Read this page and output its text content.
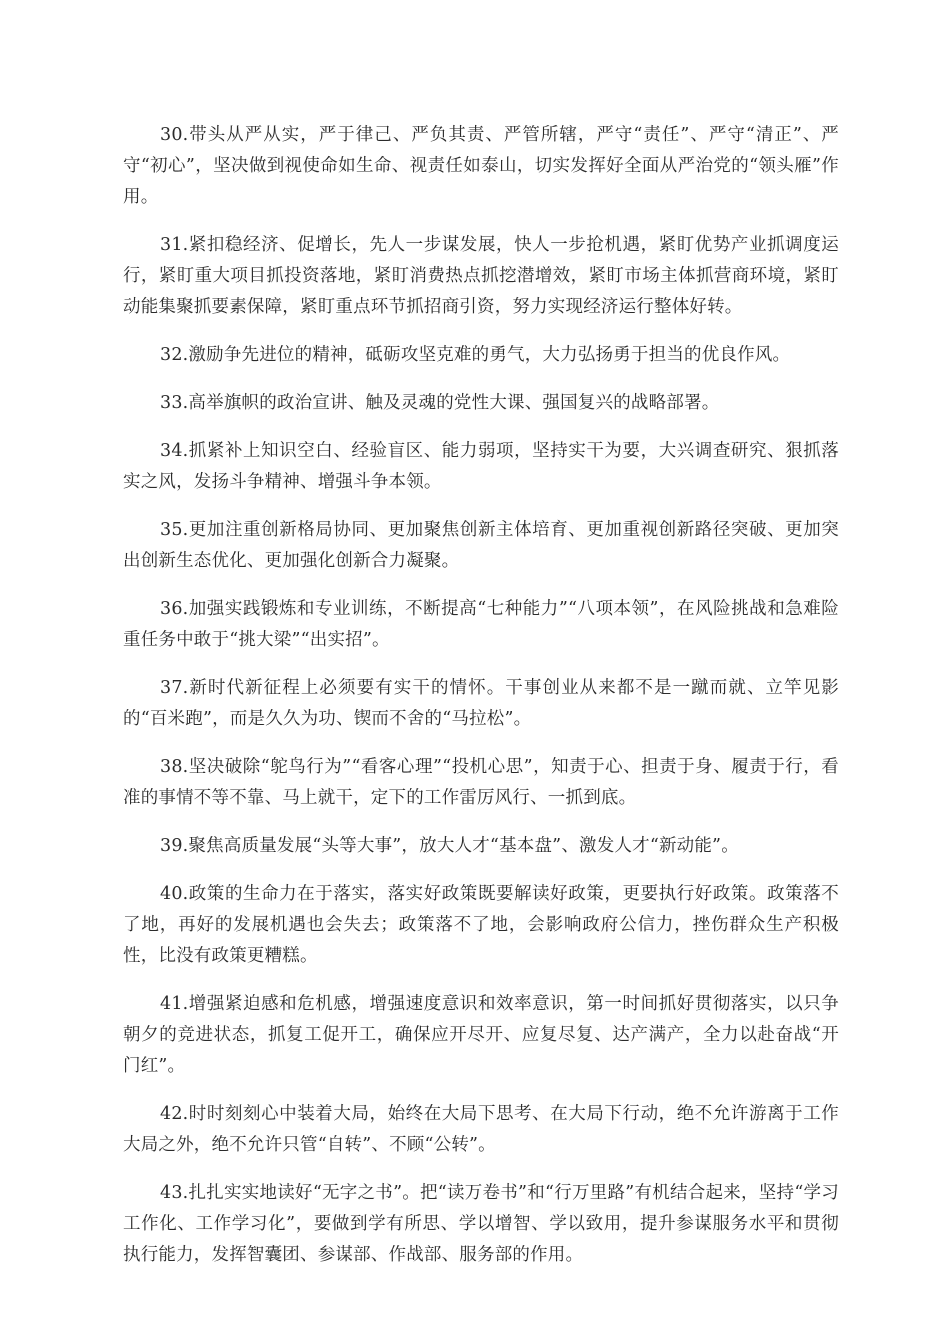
30.带头从严从实，严于律己、严负其责、严管所辖，严守“责任”、严守“清正”、严守“初心”，坚决做到视使命如生命、视责任如泰山，切实发挥好全面从严治党的“领头雁”作用。

31.紧扣稳经济、促增长，先人一步谋发展，快人一步抢机遇，紧盯优势产业抓调度运行，紧盯重大项目抓投资落地，紧盯消费热点抓挖潜增效，紧盯市场主体抓营商环境，紧盯动能集聚抓要素保障，紧盯重点环节抓招商引资，努力实现经济运行整体好转。

32.激励争先进位的精神，砥砺攻坚克难的勇气，大力弘扬勇于担当的优良作风。

33.高举旗帜的政治宣讲、触及灵魂的党性大课、强国复兴的战略部署。

34.抓紧补上知识空白、经验盲区、能力弱项，坚持实干为要，大兴调查研究、狠抓落实之风，发扬斗争精神、增强斗争本领。

35.更加注重创新格局协同、更加聚焦创新主体培育、更加重视创新路径突破、更加突出创新生态优化、更加强化创新合力凝聚。

36.加强实践锻炼和专业训练，不断提高“七种能力”“八项本领”，在风险挑战和急难险重任务中敢于“挑大梁”“出实招”。

37.新时代新征程上必须要有实干的情怀。干事创业从来都不是一蹴而就、立竿见影的“百米跑”，而是久久为功、锲而不舍的“马拉松”。

38.坚决破除“鸵鸟行为”“看客心理”“投机心思”，知责于心、担责于身、履责于行，看准的事情不等不靠、马上就干，定下的工作雷厉风行、一抓到底。

39.聚焦高质量发展“头等大事”，放大人才“基本盘”、激发人才“新动能”。

40.政策的生命力在于落实，落实好政策既要解读好政策，更要执行好政策。政策落不了地，再好的发展机遇也会失去；政策落不了地，会影响政府公信力，挫伤群众生产积极性，比没有政策更糟糕。

41.增强紧迫感和危机感，增强速度意识和效率意识，第一时间抓好贯彻落实，以只争朝夕的竞进状态，抓复工促开工，确保应开尽开、应复尽复、达产满产，全力以赴奋战“开门红”。

42.时时刻刻心中装着大局，始终在大局下思考、在大局下行动，绝不允许游离于工作大局之外，绝不允许只管“自转”、不顾“公转”。

43.扎扎实实地读好“无字之书”。把“读万卷书”和“行万里路”有机结合起来，坚持“学习工作化、工作学习化”，要做到学有所思、学以增智、学以致用，提升参谋服务水平和贯彻执行能力，发挥智囊团、参谋部、作战部、服务部的作用。
